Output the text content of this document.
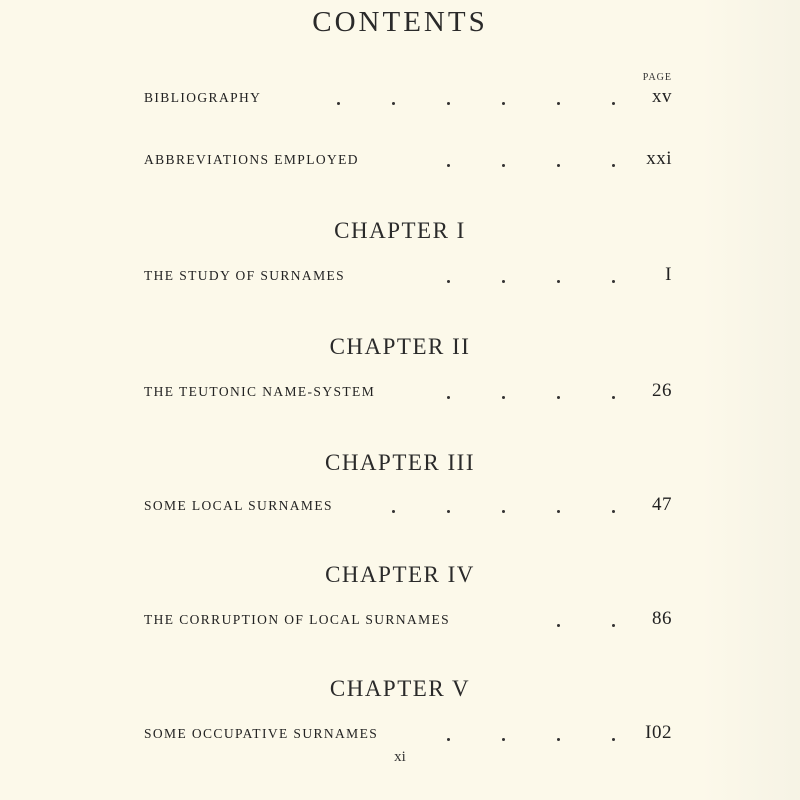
CONTENTS
PAGE
BIBLIOGRAPHY	xv
ABBREVIATIONS EMPLOYED	xxi
CHAPTER I
THE STUDY OF SURNAMES	I
CHAPTER II
THE TEUTONIC NAME-SYSTEM	26
CHAPTER III
SOME LOCAL SURNAMES	47
CHAPTER IV
THE CORRUPTION OF LOCAL SURNAMES	86
CHAPTER V
SOME OCCUPATIVE SURNAMES	I02
xi
